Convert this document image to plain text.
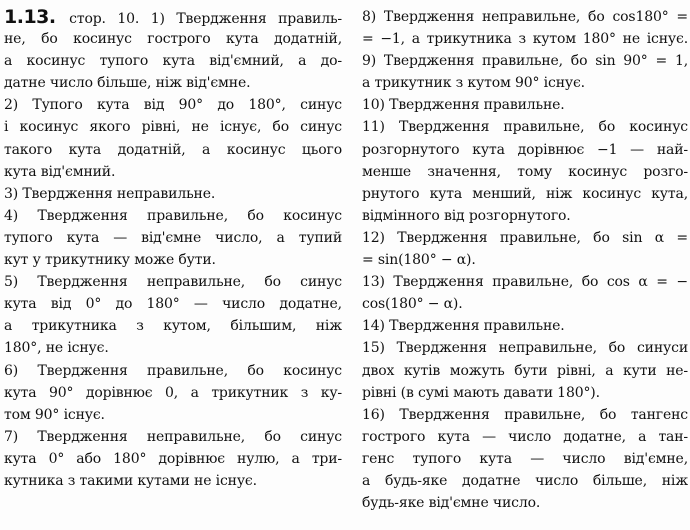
1.13. стор. 10. 1) Твердження правиль-
не, бо косинус гострого кута додатній,
а косинус тупого кута від'ємний, а до-
датне число більше, ніж від'ємне.
2) Тупого кута від 90° до 180°, синус
і косинус якого рівні, не існує, бо синус
такого кута додатній, а косинус цього
кута від'ємний.
3) Твердження неправильне.
4) Твердження правильне, бо косинус
тупого кута — від'ємне число, а тупий
кут у трикутнику може бути.
5) Твердження неправильне, бо синус
кута від 0° до 180° — число додатне,
а трикутника з кутом, більшим, ніж
180°, не існує.
6) Твердження правильне, бо косинус
кута 90° дорівнює 0, а трикутник з ку-
том 90° існує.
7) Твердження неправильне, бо синус
кута 0° або 180° дорівнює нулю, а три-
кутника з такими кутами не існує.
8) Твердження неправильне, бо cos180° =
= −1, а трикутника з кутом 180° не існує.
9) Твердження правильне, бо sin 90° = 1,
а трикутник з кутом 90° існує.
10) Твердження правильне.
11) Твердження правильне, бо косинус
розгорнутого кута дорівнює −1 — най-
менше значення, тому косинус розго-
рнутого кута менший, ніж косинус кута,
відмінного від розгорнутого.
12) Твердження правильне, бо sin α =
= sin(180° − α).
13) Твердження правильне, бо cos α = −
cos(180° − α).
14) Твердження правильне.
15) Твердження неправильне, бо синуси
двох кутів можуть бути рівні, а кути не-
рівні (в сумі мають давати 180°).
16) Твердження правильне, бо тангенс
гострого кута — число додатне, а тан-
генс тупого кута — число від'ємне,
а будь-яке додатне число більше, ніж
будь-яке від'ємне число.
